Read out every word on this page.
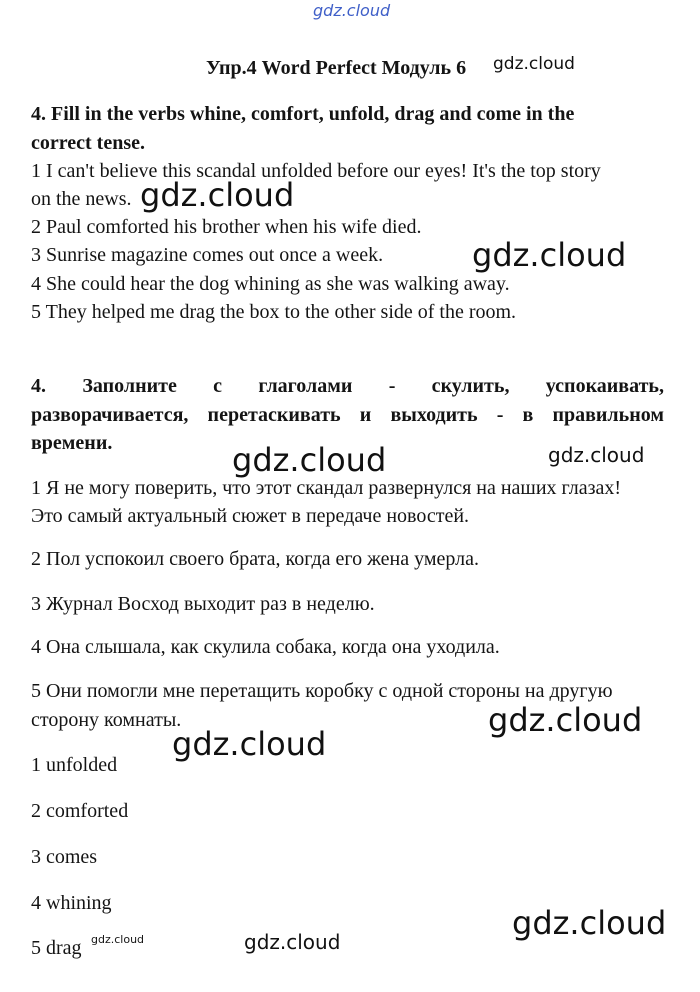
gdz.cloud
gdz.cloud
gdz.cloud
gdz.cloud
gdz.cloud	gdz.cloud
gdz.cloud
gdz.cloud
gdz.cloud
gdz.cloud
Упр.4 Word Perfect Модуль 6
4. Fill in the verbs whine, comfort, unfold, drag and come in the
correct tense.
1 I can't believe this scandal unfolded before our eyes! It's the top story
on the news.
2 Paul comforted his brother when his wife died.
3 Sunrise magazine comes out once a week.
4 She could hear the dog whining as she was walking away.
5 They helped me drag the box to the other side of the room.
4. Заполните с глаголами - скулить, успокаивать,
разворачивается, перетаскивать и выходить - в правильном
времени.
1 Я не могу поверить, что этот скандал развернулся на наших глазах!
Это самый актуальный сюжет в передаче новостей.
2 Пол успокоил своего брата, когда его жена умерла.
3 Журнал Восход выходит раз в неделю.
4 Она слышала, как скулила собака, когда она уходила.
5 Они помогли мне перетащить коробку с одной стороны на другую
сторону комнаты.
1 unfolded
2 comforted
3 comes
4 whining
5 drag gdz.cloud
